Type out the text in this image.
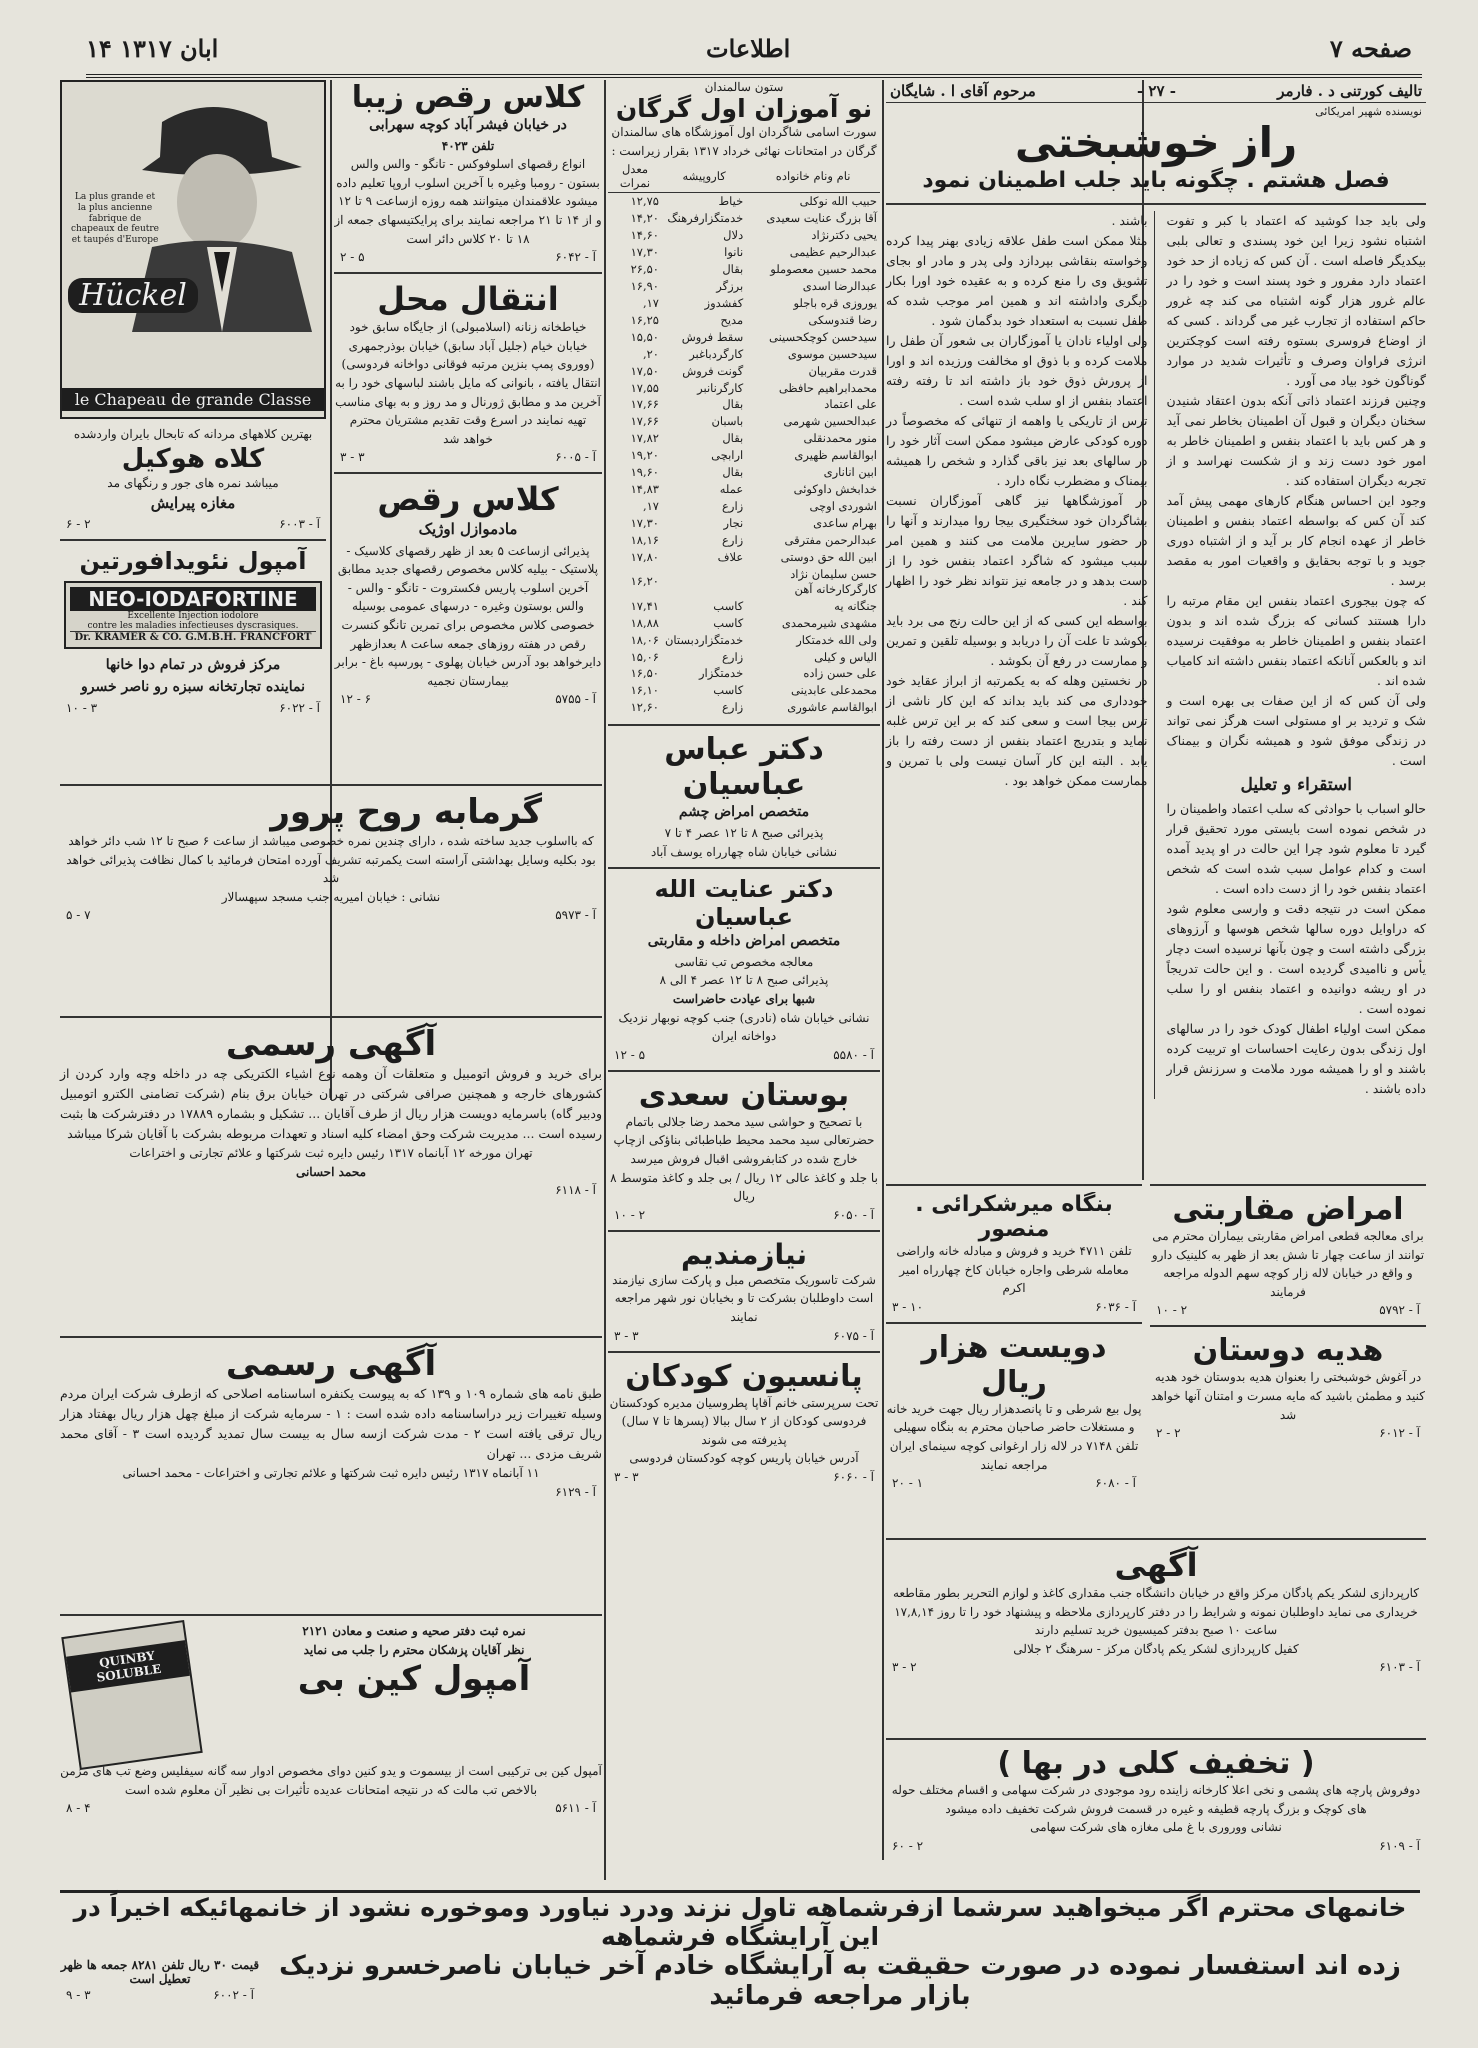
صفحه ۷
اطلاعات
۱۴ ابان ۱۳۱۷
تالیف کورتنی د . فارمر
- ۲۷ -
مرحوم آقای ا . شایگان
نویسنده شهیر امریکائی
راز خوشبختی
فصل هشتم . چگونه باید جلب اطمینان نمود

ولی باید جدا کوشید که اعتماد با کبر و تفوت اشتباه نشود زیرا این خود پسندی و تعالی بلبی بیکدیگر فاصله است . آن کس که زیاده از حد خود اعتماد دارد مفرور و خود پسند است و خود را در عالم غرور هزار گونه اشتباه می کند چه غرور حاکم استفاده از تجارب غیر می گرداند . کسی که از اوضاع فروسری بستوه رفته است کوچکترین انرژی فراوان وصرف و تأثیرات شدید در موارد گوناگون خود بیاد می آورد .

وچنین فرزند اعتماد ذاتی آنکه بدون اعتقاد شنیدن سخنان دیگران و قبول آن اطمینان بخاطر نمی آید و هر کس باید با اعتماد بنفس و اطمینان خاطر به امور خود دست زند و از شکست نهراسد و از تجربه دیگران استفاده کند .

وجود این احساس هنگام کارهای مهمی پیش آمد کند آن کس که بواسطه اعتماد بنفس و اطمینان خاطر از عهده انجام کار بر آید و از اشتباه دوری جوید و با توجه بحقایق و واقعیات امور به مقصد برسد .

که چون بیجوری اعتماد بنفس این مقام مرتبه را دارا هستند کسانی که بزرگ شده اند و بدون اعتماد بنفس و اطمینان خاطر به موفقیت نرسیده اند و بالعکس آنانکه اعتماد بنفس داشته اند کامیاب شده اند .

ولی آن کس که از این صفات بی بهره است و شک و تردید بر او مستولی است هرگز نمی تواند در زندگی موفق شود و همیشه نگران و بیمناک است .

استقراء و تعلیل

حالو اسباب با حوادثی که سلب اعتماد واطمینان را در شخص نموده است بایستی مورد تحقیق قرار گیرد تا معلوم شود چرا این حالت در او پدید آمده است و کدام عوامل سبب شده است که شخص اعتماد بنفس خود را از دست داده است .

ممکن است در نتیجه دقت و وارسی معلوم شود که دراوایل دوره سالها شخص هوسها و آرزوهای بزرگی داشته است و چون بآنها نرسیده است دچار یأس و ناامیدی گردیده است . و این حالت تدریجاً در او ریشه دوانیده و اعتماد بنفس او را سلب نموده است .

ممکن است اولیاء اطفال کودک خود را در سالهای اول زندگی بدون رعایت احساسات او تربیت کرده باشند و او را همیشه مورد ملامت و سرزنش قرار داده باشند .

باشند .

مثلا ممکن است طفل علاقه زیادی بهنر پیدا کرده وخواسته بنقاشی بپردازد ولی پدر و مادر او بجای تشویق وی را منع کرده و به عقیده خود اورا بکار دیگری واداشته اند و همین امر موجب شده که طفل نسبت به استعداد خود بدگمان شود .

ولی اولیاء نادان یا آموزگاران بی شعور آن طفل را ملامت کرده و با ذوق او مخالفت ورزیده اند و اورا از پرورش ذوق خود باز داشته اند تا رفته رفته اعتماد بنفس از او سلب شده است .

ترس از تاریکی یا واهمه از تنهائی که مخصوصاً در دوره کودکی عارض میشود ممکن است آثار خود را در سالهای بعد نیز باقی گذارد و شخص را همیشه بیمناک و مضطرب نگاه دارد .

در آموزشگاهها نیز گاهی آموزگاران نسبت بشاگردان خود سختگیری بیجا روا میدارند و آنها را در حضور سایرین ملامت می کنند و همین امر سبب میشود که شاگرد اعتماد بنفس خود را از دست بدهد و در جامعه نیز نتواند نظر خود را اظهار کند .

بواسطه این کسی که از این حالت رنج می برد باید بکوشد تا علت آن را دریابد و بوسیله تلقین و تمرین و ممارست در رفع آن بکوشد .

در نخستین وهله که به یکمرتبه از ابراز عقاید خود خودداری می کند باید بداند که این کار ناشی از ترس بیجا است و سعی کند که بر این ترس غلبه نماید و بتدریج اعتماد بنفس از دست رفته را باز یابد . البته این کار آسان نیست ولی با تمرین و ممارست ممکن خواهد بود .

امراض مقاربتی

برای معالجه قطعی امراض مقاربتی بیماران محترم می توانند از ساعت چهار تا شش بعد از ظهر به کلینیک دارو و واقع در خیابان لاله زار کوچه سهم الدوله مراجعه فرمایند

آ - ۵۷۹۲
۲ - ۱۰
هدیه دوستان

در آغوش خوشبختی را بعنوان هدیه بدوستان خود هدیه کنید و مطمئن باشید که مایه مسرت و امتنان آنها خواهد شد

آ - ۶۰۱۲
۲ - ۲
بنگاه میرشکرائی . منصور

تلفن ۴۷۱۱ خرید و فروش و مبادله خانه واراضی معامله شرطی واجاره خیابان کاخ چهارراه امیر اکرم

آ - ۶۰۳۶
۱۰ - ۳
دویست هزار ریال

پول بیع شرطی و تا پانصدهزار ریال جهت خرید خانه و مستغلات حاضر صاحبان محترم به بنگاه سهیلی تلفن ۷۱۴۸ در لاله زار ارغوانی کوچه سینمای ایران مراجعه نمایند

آ - ۶۰۸۰
۱ - ۲۰
آگهی

کارپردازی لشکر یکم پادگان مرکز واقع در خیابان دانشگاه جنب مقداری کاغذ و لوازم التحریر بطور مقاطعه خریداری می نماید داوطلبان نمونه و شرایط را در دفتر کارپردازی ملاحظه و پیشنهاد خود را تا روز ۱۷,۸,۱۴ ساعت ۱۰ صبح بدفتر کمیسیون خرید تسلیم دارند

کفیل کارپردازی لشکر یکم پادگان مرکز - سرهنگ ۲ جلالی
آ - ۶۱۰۳
۲ - ۳
( تخفیف کلی در بها )

دوفروش پارچه های پشمی و نخی اعلا کارخانه زاینده رود موجودی در شرکت سهامی و اقسام مختلف حوله های کوچک و بزرگ پارچه قطیفه و غیره در قسمت فروش شرکت تخفیف داده میشود

نشانی ووروری با غ ملی مغازه های شرکت سهامی
آ - ۶۱۰۹
۲ - ۶۰
ستون سالمندان
نو آموزان اول گرگان

سورت اسامی شاگردان اول آموزشگاه های سالمندان گرگان در امتحانات نهائی خرداد ۱۳۱۷ بقرار زیراست :

نام ونام خانواده	کاروپیشه	معدل نمرات
حبیب الله نوکلی	خیاط	۱۲,۷۵
آقا بزرگ عنایت سعیدی	خدمتگزارفرهنگ	۱۴,۲۰
یحیی دکترنژاد	دلال	۱۴,۶۰
عبدالرحیم عظیمی	نانوا	۱۷,۳۰
محمد حسین معصوملو	بقال	۲۶,۵۰
عبدالرضا اسدی	برزگر	۱۶,۹۰
یوروزی قره باجلو	کفشدوز	۱۷,
رضا قندوسکی	مدیح	۱۶,۲۵
سیدحسن کوچکحسینی	سقط فروش	۱۵,۵۰
سیدحسین موسوی	کارگردباغبر	۲۰,
قدرت مقربیان	گونت فروش	۱۷,۵۰
محمدابراهیم حافظی	کارگرنانبر	۱۷,۵۵
علی اعتماد	بقال	۱۷,۶۶
عبدالحسین شهرمی	باسبان	۱۷,۶۶
منور محمدنقلی	بقال	۱۷,۸۲
ابوالقاسم ظهیری	ارابچی	۱۹,۲۰
ابین اناناری	بقال	۱۹,۶۰
خدابخش داوکوئی	عمله	۱۴,۸۳
اشوردی اوچی	زارع	۱۷,
بهرام ساعدی	نجار	۱۷,۳۰
عبدالرحمن مفترقی	زارع	۱۸,۱۶
ابین الله حق دوستی	علاف	۱۷,۸۰
حسن سلیمان نژاد کارگرکارخانه آهن		۱۶,۲۰
جنگانه یه	کاسب	۱۷,۴۱
مشهدی شیرمحمدی	کاسب	۱۸,۸۸
ولی الله خدمتکار	خدمتگزاردبستان	۱۸,۰۶
الیاس و کیلی	زارع	۱۵,۰۶
علی حسن زاده	خدمتگزار	۱۶,۵۰
محمدعلی عابدینی	کاسب	۱۶,۱۰
ابوالقاسم عاشوری	زارع	۱۲,۶۰
دکتر عباس عباسیان
متخصص امراض چشم
پذیرائی صبح ۸ تا ۱۲ عصر ۴ تا ۷
نشانی خیابان شاه چهارراه یوسف آباد
دکتر عنایت الله عباسیان
متخصص امراض داخله و مقاربتی
معالجه مخصوص تب نقاسی
پذیرائی صبح ۸ تا ۱۲ عصر ۴ الی ۸
شبها برای عیادت حاضراست
نشانی خیابان شاه (نادری) جنب کوچه نوبهار نزدیک دواخانه ایران
آ - ۵۵۸۰
۵ - ۱۲
بوستان سعدی

با تصحیح و حواشی سید محمد رضا جلالی باتمام حضرتعالی سید محمد محیط طباطبائی بناؤکی ازچاپ خارج شده در کتابفروشی اقبال فروش میرسد

با جلد و کاغذ عالی ۱۲ ریال / بی جلد و کاغذ متوسط ۸ ریال
آ - ۶۰۵۰
۲ - ۱۰
نیازمندیم

شرکت تاسوریک متخصص مبل و پارکت سازی نیازمند است داوطلبان بشرکت تا و بخیابان نور شهر مراجعه نمایند

آ - ۶۰۷۵
۳ - ۳
پانسیون کودکان

تحت سرپرستی خانم آقاپا پطروسیان مدیره کودکستان فردوسی کودکان از ۲ سال ببالا (پسرها تا ۷ سال) پذیرفته می شوند

آدرس خیابان پاریس کوچه کودکستان فردوسی
آ - ۶۰۶۰
۳ - ۳
کلاس رقص زیبا
در خیابان فیشر آباد کوچه سهرابی
تلفن ۴۰۲۳

انواع رقصهای اسلوفوکس - تانگو - والس والس بستون - رومبا وغیره با آخرین اسلوب اروپا تعلیم داده میشود علاقمندان میتوانند همه روزه ازساعت ۹ تا ۱۲ و از ۱۴ تا ۲۱ مراجعه نمایند برای پرایکتیسهای جمعه از ۱۸ تا ۲۰ کلاس دائر است

آ - ۶۰۴۲
۵ - ۲
انتقال محل

خیاطخانه زنانه (اسلامبولی) از جایگاه سابق خود خیابان خیام (جلیل آباد سابق) خیابان بوذرجمهری (ووروی پمپ بنزین مرتبه فوقانی دواخانه فردوسی) انتقال یافته ، بانوانی که مایل باشند لباسهای خود را به آخرین مد و مطابق ژورنال و مد روز و به بهای مناسب تهیه نمایند در اسرع وقت تقدیم مشتریان محترم خواهد شد

آ - ۶۰۰۵
۳ - ۳
کلاس رقص
مادموازل اوژیک

پذیرائی ازساعت ۵ بعد از ظهر رقصهای کلاسیک - پلاستیک - بیلیه کلاس مخصوص رقصهای جدید مطابق آخرین اسلوب پاریس فکستروت - تانگو - والس - والس بوستون وغیره - درسهای عمومی بوسیله خصوصی کلاس مخصوص برای تمرین تانگو کنسرت رقص در هفته روزهای جمعه ساعت ۸ بعدازظهر دایرخواهد بود آدرس خیابان پهلوی - پورسپه باغ - برابر بیمارستان نجمیه

آ - ۵۷۵۵
۶ - ۱۲
La plus grande et la plus ancienne fabrique de chapeaux de feutre et taupés d'Europe
Hückel
le Chapeau de grande Classe
بهترین کلاههای مردانه که تابحال بایران واردشده
کلاه هوکیل
میباشد نمره های جور و رنگهای مد
مغازه پیرایش
آ - ۶۰۰۳
۲ - ۶
آمپول نئویدافورتین
NEO-IODAFORTINE
Excellente Injection iodolore
contre les maladies infectieuses dyscrasiques.
Dr. KRAMER & CO. G.M.B.H. FRANCFORT
مرکز فروش در تمام دوا خانها
نماینده تجارتخانه سبزه رو ناصر خسرو
آ - ۶۰۲۲
۳ - ۱۰
گرمابه روح پرور

که بااسلوب جدید ساخته شده ، دارای چندین نمره خصوصی میباشد از ساعت ۶ صبح تا ۱۲ شب دائر خواهد بود بکلیه وسایل بهداشتی آراسته است یکمرتبه تشریف آورده امتحان فرمائید با کمال نظافت پذیرائی خواهد شد

نشانی : خیابان امیریه جنب مسجد سپهسالار
آ - ۵۹۷۳
۷ - ۵
آگهی رسمی

برای خرید و فروش اتومبیل و متعلقات آن وهمه نوع اشیاء الکتریکی چه در داخله وچه وارد کردن از کشورهای خارجه و همچنین صرافی شرکتی در تهران خیابان برق بنام (شرکت تضامنی الکترو اتومبیل ودبیر گاه) باسرمایه دویست هزار ریال از طرف آقایان ... تشکیل و بشماره ۱۷۸۸۹ در دفترشرکت ها بثبت رسیده است ... مدیریت شرکت وحق امضاء کلیه اسناد و تعهدات مربوطه بشرکت با آقایان شرکا میباشد

تهران مورخه ۱۲ آبانماه ۱۳۱۷ رئیس دایره ثبت شرکتها و علائم تجارتی و اختراعات
محمد احسانی
آ - ۶۱۱۸
آگهی رسمی

طبق نامه های شماره ۱۰۹ و ۱۳۹ که به پیوست یکنفره اساسنامه اصلاحی که ازطرف شرکت ایران مردم وسیله تغییرات زیر دراساسنامه داده شده است : ۱ - سرمایه شرکت از مبلغ چهل هزار ریال بهفتاد هزار ریال ترقی یافته است ۲ - مدت شرکت ازسه سال به بیست سال تمدید گردیده است ۳ - آقای محمد شریف مزدی ... تهران

۱۱ آبانماه ۱۳۱۷ رئیس دایره ثبت شرکتها و علائم تجارتی و اختراعات - محمد احسانی
آ - ۶۱۲۹
نمره ثبت دفتر صحیه و صنعت و معادن ۲۱۲۱
نظر آقایان پزشکان محترم را جلب می نماید
آمپول کین بی
QUINBY SOLUBLE

آمپول کین بی ترکیبی است از بیسموت و یدو کنین دوای مخصوص ادوار سه گانه سیفلیس وضع تب های مزمن بالاخص تب مالت که در نتیجه امتحانات عدیده تأثیرات بی نظیر آن معلوم شده است

آ - ۵۶۱۱
۴ - ۸

خانمهای محترم اگر میخواهید سرشما ازفرشماهه تاول نزند ودرد نیاورد وموخوره نشود از خانمهائیکه اخیراً در این آرایشگاه فرشماهه

زده اند استفسار نموده در صورت حقیقت به آرایشگاه خادم آخر خیابان ناصرخسرو نزدیک بازار مراجعه فرمائید

قیمت ۳۰ ریال تلفن ۸۲۸۱ جمعه ها ظهر تعطیل است
آ - ۶۰۰۲
۳ - ۹
